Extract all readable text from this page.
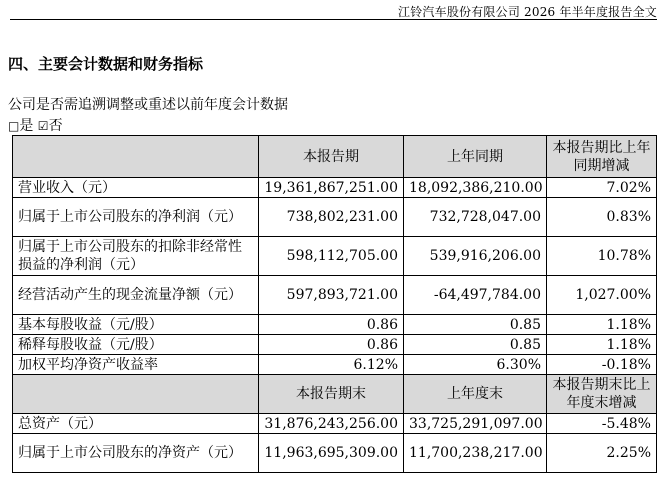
江铃汽车股份有限公司 2026 年半年度报告全文
四、主要会计数据和财务指标
公司是否需追溯调整或重述以前年度会计数据
□是 ☑否
	本报告期	上年同期	本报告期比上年同期增减
营业收入（元）	19,361,867,251.00	18,092,386,210.00	7.02%
归属于上市公司股东的净利润（元）	738,802,231.00	732,728,047.00	0.83%
归属于上市公司股东的扣除非经常性损益的净利润（元）	598,112,705.00	539,916,206.00	10.78%
经营活动产生的现金流量净额（元）	597,893,721.00	-64,497,784.00	1,027.00%
基本每股收益（元/股）	0.86	0.85	1.18%
稀释每股收益（元/股）	0.86	0.85	1.18%
加权平均净资产收益率	6.12%	6.30%	-0.18%
	本报告期末	上年度末	本报告期末比上年度末增减
总资产（元）	31,876,243,256.00	33,725,291,097.00	-5.48%
归属于上市公司股东的净资产（元）	11,963,695,309.00	11,700,238,217.00	2.25%
